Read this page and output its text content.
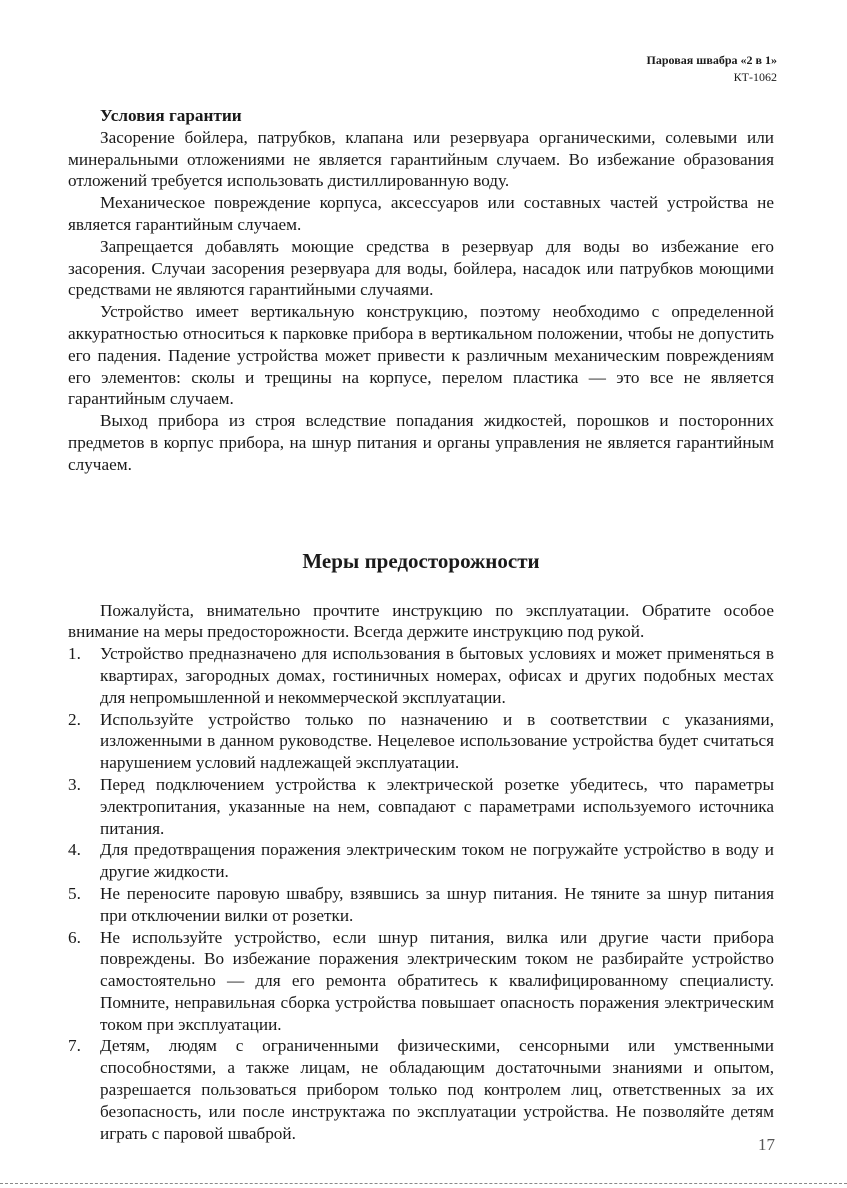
Паровая швабра «2 в 1»
КТ-1062
Условия гарантии

Засорение бойлера, патрубков, клапана или резервуара органическими, солевыми или минеральными отложениями не является гарантийным случаем. Во избежание образования отложений требуется использовать дистиллированную воду.

Механическое повреждение корпуса, аксессуаров или составных частей устройства не является гарантийным случаем.

Запрещается добавлять моющие средства в резервуар для воды во избежание его засорения. Случаи засорения резервуара для воды, бойлера, насадок или патрубков моющими средствами не являются гарантийными случаями.

Устройство имеет вертикальную конструкцию, поэтому необходимо с определенной аккуратностью относиться к парковке прибора в вертикальном положении, чтобы не допустить его падения. Падение устройства может привести к различным механическим повреждениям его элементов: сколы и трещины на корпусе, перелом пластика — это все не является гарантийным случаем.

Выход прибора из строя вследствие попадания жидкостей, порошков и посторонних предметов в корпус прибора, на шнур питания и органы управления не является гарантийным случаем.

Меры предосторожности

Пожалуйста, внимательно прочтите инструкцию по эксплуатации. Обратите особое внимание на меры предосторожности. Всегда держите инструкцию под рукой.

1. Устройство предназначено для использования в бытовых условиях и может применяться в квартирах, загородных домах, гостиничных номерах, офисах и других подобных местах для непромышленной и некоммерческой эксплуатации.
2. Используйте устройство только по назначению и в соответствии с указаниями, изложенными в данном руководстве. Нецелевое использование устройства будет считаться нарушением условий надлежащей эксплуатации.
3. Перед подключением устройства к электрической розетке убедитесь, что параметры электропитания, указанные на нем, совпадают с параметрами используемого источника питания.
4. Для предотвращения поражения электрическим током не погружайте устройство в воду и другие жидкости.
5. Не переносите паровую швабру, взявшись за шнур питания. Не тяните за шнур питания при отключении вилки от розетки.
6. Не используйте устройство, если шнур питания, вилка или другие части прибора повреждены. Во избежание поражения электрическим током не разбирайте устройство самостоятельно — для его ремонта обратитесь к квалифицированному специалисту. Помните, неправильная сборка устройства повышает опасность поражения электрическим током при эксплуатации.
7. Детям, людям с ограниченными физическими, сенсорными или умственными способностями, а также лицам, не обладающим достаточными знаниями и опытом, разрешается пользоваться прибором только под контролем лиц, ответственных за их безопасность, или после инструктажа по эксплуатации устройства. Не позволяйте детям играть с паровой шваброй.
17
